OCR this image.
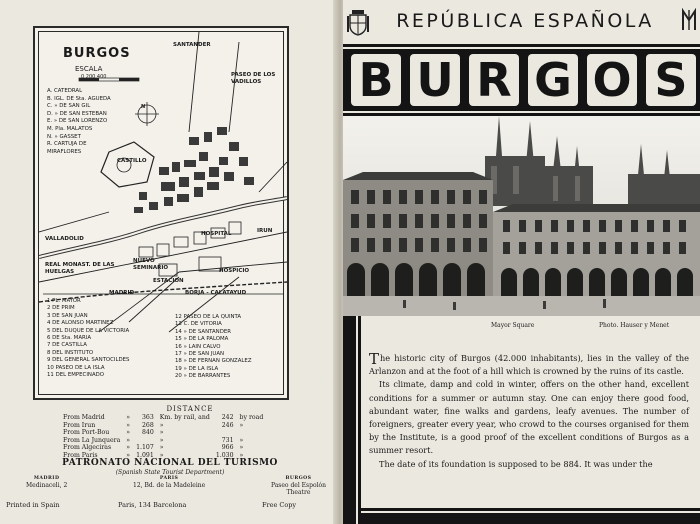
BURGOS
ESCALA
0 200 400
N
A. CATEDRAL
B. IGL. DE Sta. AGUEDA
C. » DE SAN GIL
D. » DE SAN ESTEBAN
E. » DE SAN LORENZO
M. Pla. MALATOS
N. » GASSET
R. CARTUJA DE
MIRAFLORES
SANTANDER
PASEO DE LOS VADILLOS
CASTILLO
VALLADOLID
REAL MONAST. DE LAS HUELGAS
NUEVO SEMINARIO
HOSPITAL
HOSPICIO
ESTACION
MADRID
IRUN
BORJA - CALATAYUD
1 PL. MAYOR
2 DE PRIM
3 DE SAN JUAN
4 DE ALONSO MARTINEZ
5 DEL DUQUE DE LA VICTORIA
6 DE Sta. MARIA
7 DE CASTILLA
8 DEL INSTITUTO
9 DEL GENERAL SANTOCILDES
10 PASEO DE LA ISLA
11 DEL EMPECINADO
12 PASEO DE LA QUINTA
13 C. DE VITORIA
14 » DE SANTANDER
15 » DE LA PALOMA
16 » LAIN CALVO
17 » DE SAN JUAN
18 » DE FERNAN GONZALEZ
19 » DE LA ISLA
20 » DE BARRANTES
DISTANCE
From Madrid	»	363	Km. by rail, and	242	by road
From Irun	»	268	»	246	»
From Port-Bou	»	840	»		
From La Junquera	»		»	731	»
From Algeciras	»	1.107	»	966	»
From Paris	»	1.091	»	1.030	»
PATRONATO NACIONAL DEL TURISMO
(Spanish State Tourist Department)
MADRID
Medinaceli, 2
PARIS
12, Bd. de la Madeleine
BURGOS
Paseo del Espolón
Theatre
Printed in Spain	Paris, 134 Barcelona	Free Copy
REPÚBLICA ESPAÑOLA
B U R G O S
Mayor Square	Photo. Hauser y Menet

The historic city of Burgos (42.000 inhabitants), lies in the valley of the Arlanzon and at the foot of a hill which is crowned by the ruins of its castle.

Its climate, damp and cold in winter, offers on the other hand, excellent conditions for a summer or autumn stay. One can enjoy there good food, abundant water, fine walks and gardens, leafy avenues. The number of foreigners, greater every year, who crowd to the courses organised for them by the Institute, is a good proof of the excellent conditions of Burgos as a summer resort.

The date of its foundation is supposed to be 884. It was under the
